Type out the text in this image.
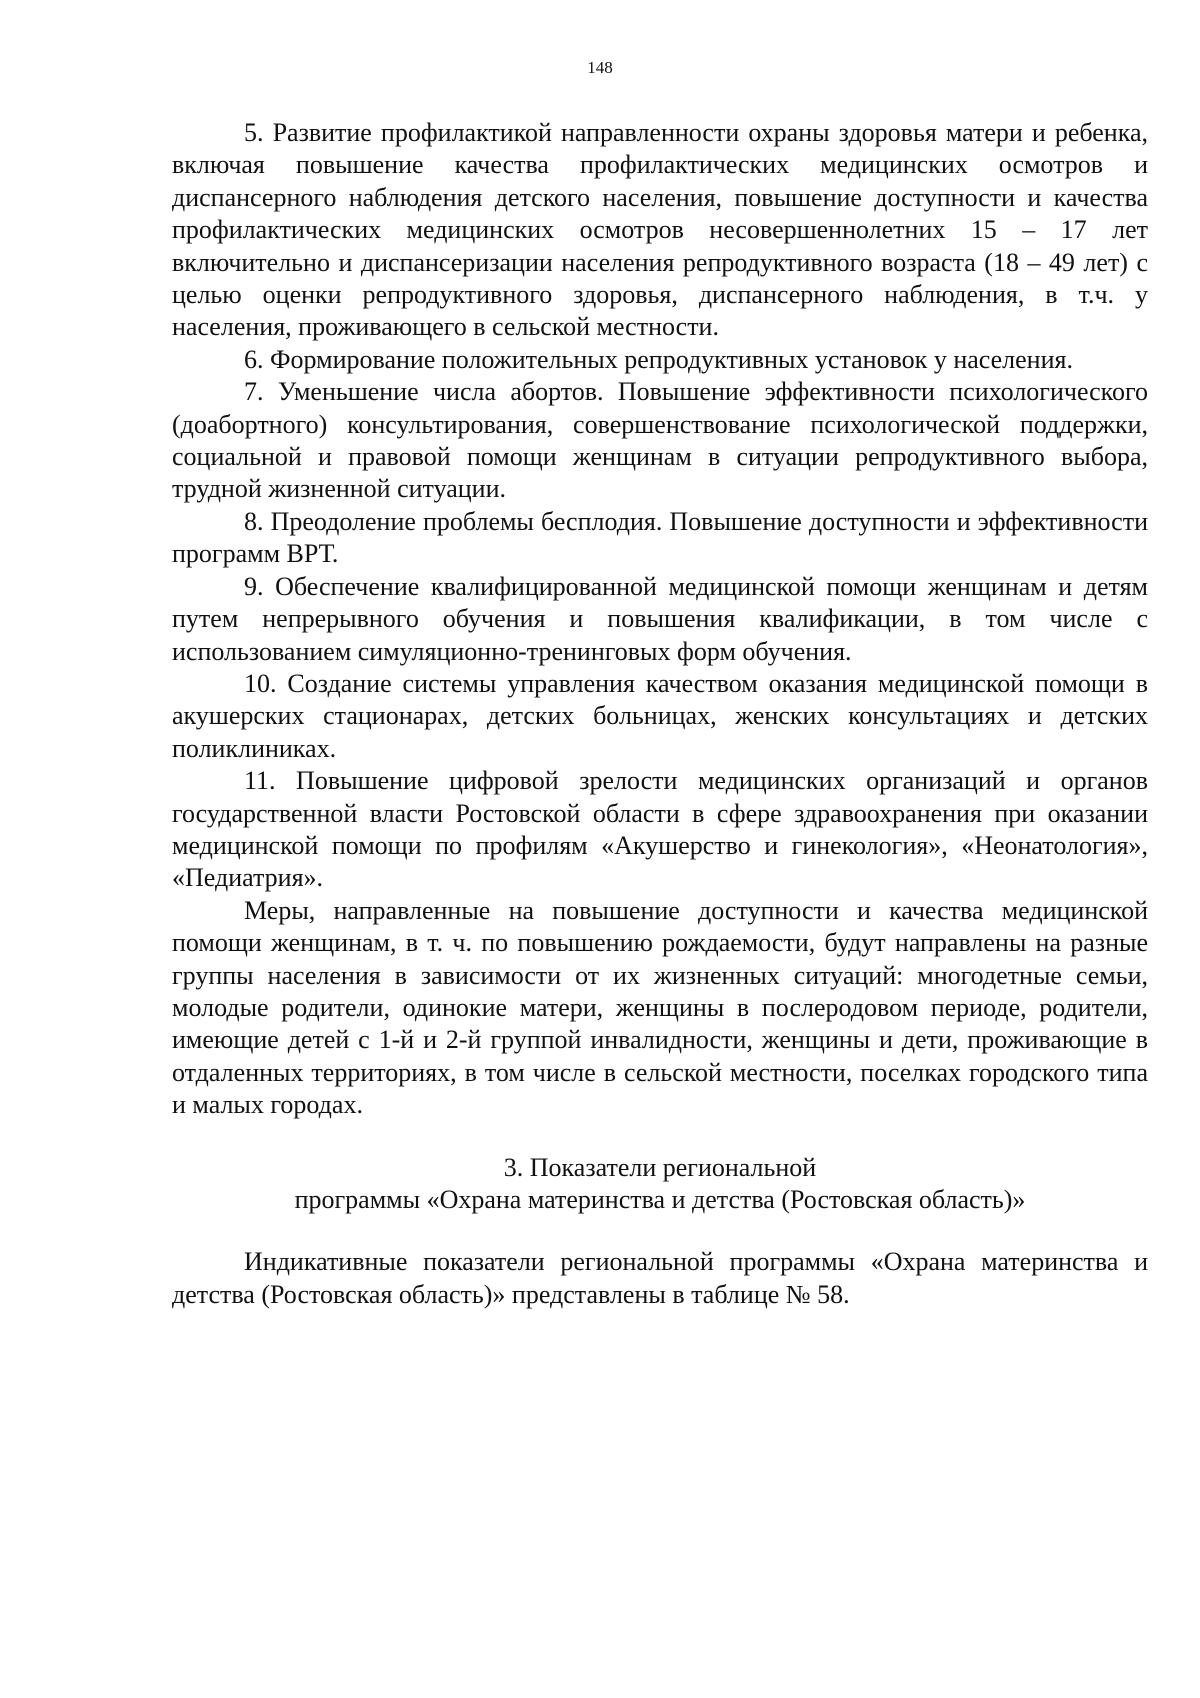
148

5. Развитие профилактикой направленности охраны здоровья матери и ребенка, включая повышение качества профилактических медицинских осмотров и диспансерного наблюдения детского населения, повышение доступности и качества профилактических медицинских осмотров несовершеннолетних 15 – 17 лет включительно и диспансеризации населения репродуктивного возраста (18 – 49 лет) с целью оценки репродуктивного здоровья, диспансерного наблюдения, в т.ч. у населения, проживающего в сельской местности.

6. Формирование положительных репродуктивных установок у населения.

7. Уменьшение числа абортов. Повышение эффективности психологического (доабортного) консультирования, совершенствование психологической поддержки, социальной и правовой помощи женщинам в ситуации репродуктивного выбора, трудной жизненной ситуации.

8. Преодоление проблемы бесплодия. Повышение доступности и эффективности программ ВРТ.

9. Обеспечение квалифицированной медицинской помощи женщинам и детям путем непрерывного обучения и повышения квалификации, в том числе с использованием симуляционно-тренинговых форм обучения.

10. Создание системы управления качеством оказания медицинской помощи в акушерских стационарах, детских больницах, женских консультациях и детских поликлиниках.

11. Повышение цифровой зрелости медицинских организаций и органов государственной власти Ростовской области в сфере здравоохранения при оказании медицинской помощи по профилям «Акушерство и гинекология», «Неонатология», «Педиатрия».

Меры, направленные на повышение доступности и качества медицинской помощи женщинам, в т. ч. по повышению рождаемости, будут направлены на разные группы населения в зависимости от их жизненных ситуаций: многодетные семьи, молодые родители, одинокие матери, женщины в послеродовом периоде, родители, имеющие детей с 1-й и 2-й группой инвалидности, женщины и дети, проживающие в отдаленных территориях, в том числе в сельской местности, поселках городского типа и малых городах.

3. Показатели региональной

программы «Охрана материнства и детства (Ростовская область)»

Индикативные показатели региональной программы «Охрана материнства и детства (Ростовская область)» представлены в таблице № 58.
